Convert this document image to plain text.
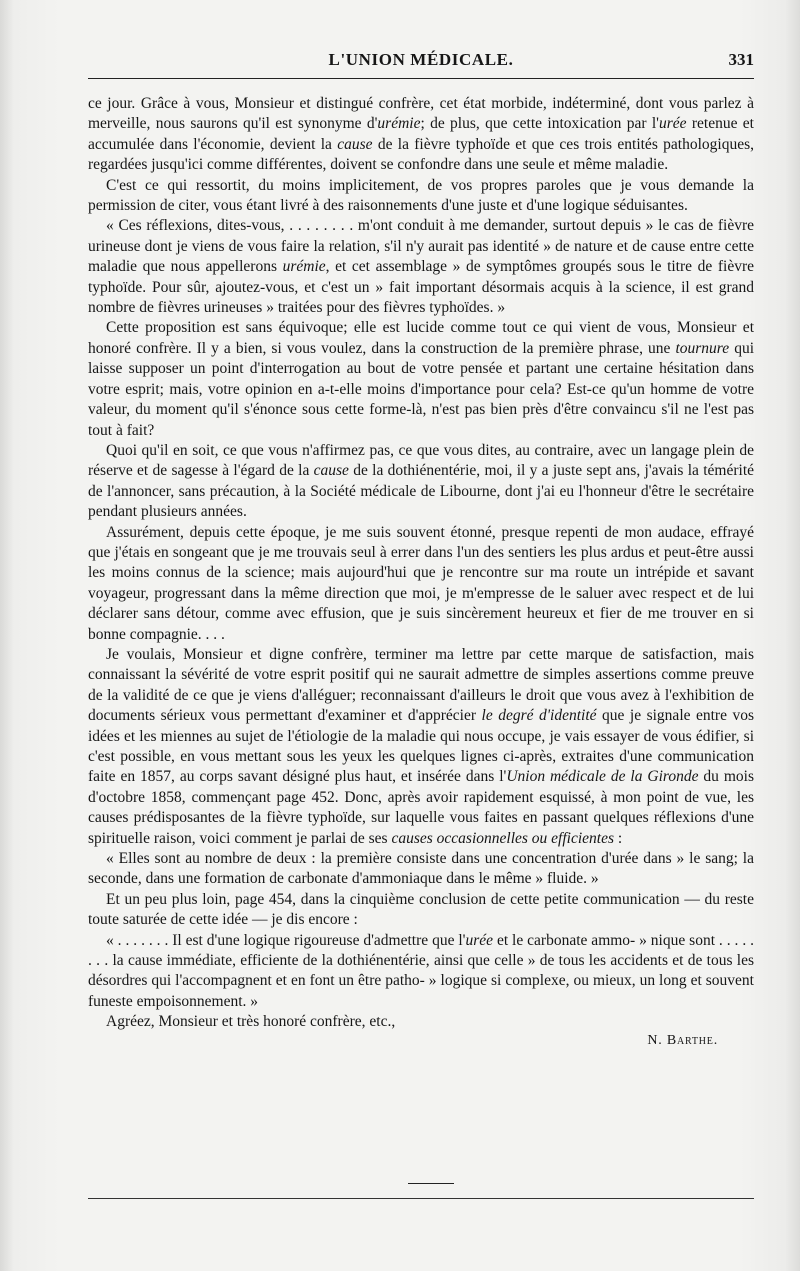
L'UNION MÉDICALE.	331

ce jour. Grâce à vous, Monsieur et distingué confrère, cet état morbide, indéterminé, dont vous parlez à merveille, nous saurons qu'il est synonyme d'urémie; de plus, que cette intoxication par l'urée retenue et accumulée dans l'économie, devient la cause de la fièvre typhoïde et que ces trois entités pathologiques, regardées jusqu'ici comme différentes, doivent se confondre dans une seule et même maladie.

C'est ce qui ressortit, du moins implicitement, de vos propres paroles que je vous demande la permission de citer, vous étant livré à des raisonnements d'une juste et d'une logique séduisantes.

« Ces réflexions, dites-vous, . . . . . . . . m'ont conduit à me demander, surtout depuis » le cas de fièvre urineuse dont je viens de vous faire la relation, s'il n'y aurait pas identité » de nature et de cause entre cette maladie que nous appellerons urémie, et cet assemblage » de symptômes groupés sous le titre de fièvre typhoïde. Pour sûr, ajoutez-vous, et c'est un » fait important désormais acquis à la science, il est grand nombre de fièvres urineuses » traitées pour des fièvres typhoïdes. »

Cette proposition est sans équivoque; elle est lucide comme tout ce qui vient de vous, Monsieur et honoré confrère. Il y a bien, si vous voulez, dans la construction de la première phrase, une tournure qui laisse supposer un point d'interrogation au bout de votre pensée et partant une certaine hésitation dans votre esprit; mais, votre opinion en a-t-elle moins d'importance pour cela? Est-ce qu'un homme de votre valeur, du moment qu'il s'énonce sous cette forme-là, n'est pas bien près d'être convaincu s'il ne l'est pas tout à fait?

Quoi qu'il en soit, ce que vous n'affirmez pas, ce que vous dites, au contraire, avec un langage plein de réserve et de sagesse à l'égard de la cause de la dothiénentérie, moi, il y a juste sept ans, j'avais la témérité de l'annoncer, sans précaution, à la Société médicale de Libourne, dont j'ai eu l'honneur d'être le secrétaire pendant plusieurs années.

Assurément, depuis cette époque, je me suis souvent étonné, presque repenti de mon audace, effrayé que j'étais en songeant que je me trouvais seul à errer dans l'un des sentiers les plus ardus et peut-être aussi les moins connus de la science; mais aujourd'hui que je rencontre sur ma route un intrépide et savant voyageur, progressant dans la même direction que moi, je m'empresse de le saluer avec respect et de lui déclarer sans détour, comme avec effusion, que je suis sincèrement heureux et fier de me trouver en si bonne compagnie. . . .

Je voulais, Monsieur et digne confrère, terminer ma lettre par cette marque de satisfaction, mais connaissant la sévérité de votre esprit positif qui ne saurait admettre de simples assertions comme preuve de la validité de ce que je viens d'alléguer; reconnaissant d'ailleurs le droit que vous avez à l'exhibition de documents sérieux vous permettant d'examiner et d'apprécier le degré d'identité que je signale entre vos idées et les miennes au sujet de l'étiologie de la maladie qui nous occupe, je vais essayer de vous édifier, si c'est possible, en vous mettant sous les yeux les quelques lignes ci-après, extraites d'une communication faite en 1857, au corps savant désigné plus haut, et insérée dans l'Union médicale de la Gironde du mois d'octobre 1858, commençant page 452. Donc, après avoir rapidement esquissé, à mon point de vue, les causes prédisposantes de la fièvre typhoïde, sur laquelle vous faites en passant quelques réflexions d'une spirituelle raison, voici comment je parlai de ses causes occasionnelles ou efficientes :

« Elles sont au nombre de deux : la première consiste dans une concentration d'urée dans » le sang; la seconde, dans une formation de carbonate d'ammoniaque dans le même » fluide. »

Et un peu plus loin, page 454, dans la cinquième conclusion de cette petite communication — du reste toute saturée de cette idée — je dis encore :

« . . . . . . . Il est d'une logique rigoureuse d'admettre que l'urée et le carbonate ammo- » nique sont . . . . . . . . la cause immédiate, efficiente de la dothiénentérie, ainsi que celle » de tous les accidents et de tous les désordres qui l'accompagnent et en font un être patho- » logique si complexe, ou mieux, un long et souvent funeste empoisonnement. »

Agréez, Monsieur et très honoré confrère, etc.,

N. Barthe.
